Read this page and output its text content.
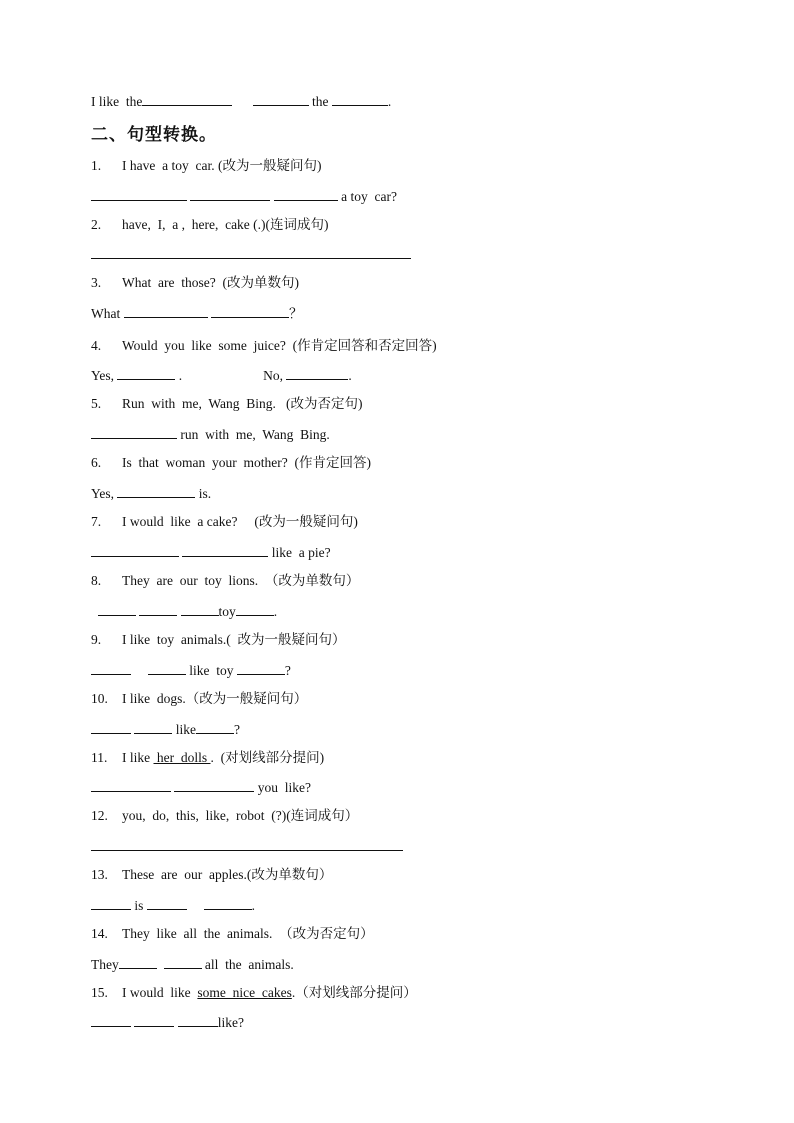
I like  the	the	.
二、句型转换。
1. I have  a toy  car. (改为一般疑问句)
a toy  car?
2. have,  I,  a ,  here,  cake (.)(连词成句)
3. What  are  those?  (改为单数句)
What	？
4. Would  you  like  some  juice?  (作肯定回答和否定回答)
Yes,	.	No,	.
5. Run  with  me,  Wang  Bing.   (改为否定句)
run  with  me,  Wang  Bing.
6. Is  that  woman  your  mother?  (作肯定回答)
Yes,	is.
7. I would  like  a cake?     (改为一般疑问句)
like  a pie?
8. They  are  our  toy  lions.  （改为单数句）
toy	.
9. I like  toy  animals.(  改为一般疑问句）
like  toy	?
10. I like  dogs.（改为一般疑问句）
like	?
11. I like  her  dolls .  (对划线部分提问)
you  like?
12. you,  do,  this,  like,  robot  (?)(连词成句）
13. These  are  our  apples.(改为单数句）
is	.
14. They  like  all  the  animals.  （改为否定句）
They	all  the  animals.
15. I would  like  some  nice  cakes.（对划线部分提问）
like?
